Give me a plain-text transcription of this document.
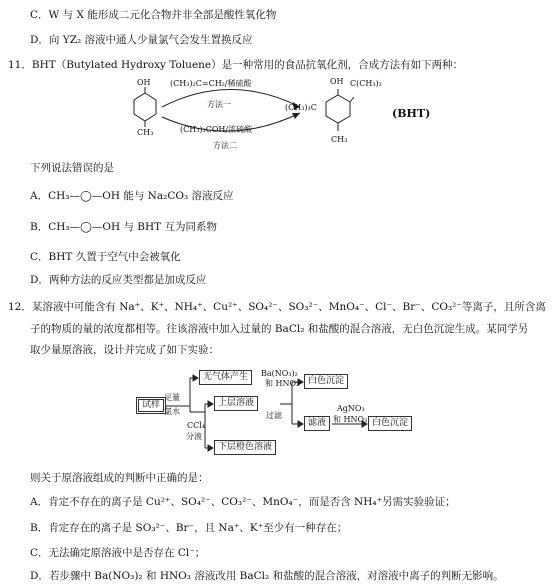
C．W 与 X 能形成二元化合物并非全部是酸性氧化物
D．向 YZ₂ 溶液中通人少量氯气会发生置换反应
11．BHT（Butylated Hydroxy Toluene）是一种常用的食品抗氧化剂，合成方法有如下两种：
OH
CH₃
(CH₃)₂C=CH₂/稀硫酸
方法一
(CH₃)₃COH/浓硫酸
方法二
OH
(CH₃)₃C
C(CH₃)₃
CH₃
(BHT)
下列说法错误的是
A．CH₃—◯—OH 能与 Na₂CO₃ 溶液反应
B．CH₃—◯—OH 与 BHT 互为同系物
C．BHT 久置于空气中会被氧化
D．两种方法的反应类型都是加成反应
12．某溶液中可能含有 Na⁺、K⁺、NH₄⁺、Cu²⁺、SO₄²⁻、SO₃²⁻、MnO₄⁻、Cl⁻、Br⁻、CO₃²⁻等离子，且所含离
子的物质的量的浓度都相等。往该溶液中加入过量的 BaCl₂ 和盐酸的混合溶液，无白色沉淀生成。某同学另
取少量原溶液，设计并完成了如下实验：
试样
足量
氯水
无气体产生
上层溶液
CCl₄
分液
下层橙色溶液
Ba(NO₃)₂
和 HNO₃
过滤
白色沉淀
滤液
AgNO₃
和 HNO₃ 白色沉淀
则关于原溶液组成的判断中正确的是：
A．肯定不存在的离子是 Cu²⁺、SO₄²⁻、CO₃²⁻、MnO₄⁻，而是否含 NH₄⁺另需实验验证；
B．肯定存在的离子是 SO₃²⁻、Br⁻，且 Na⁺、K⁺至少有一种存在；
C．无法确定原溶液中是否存在 Cl⁻；
D．若步骤中 Ba(NO₃)₂ 和 HNO₃ 溶液改用 BaCl₂ 和盐酸的混合溶液，对溶液中离子的判断无影响。
